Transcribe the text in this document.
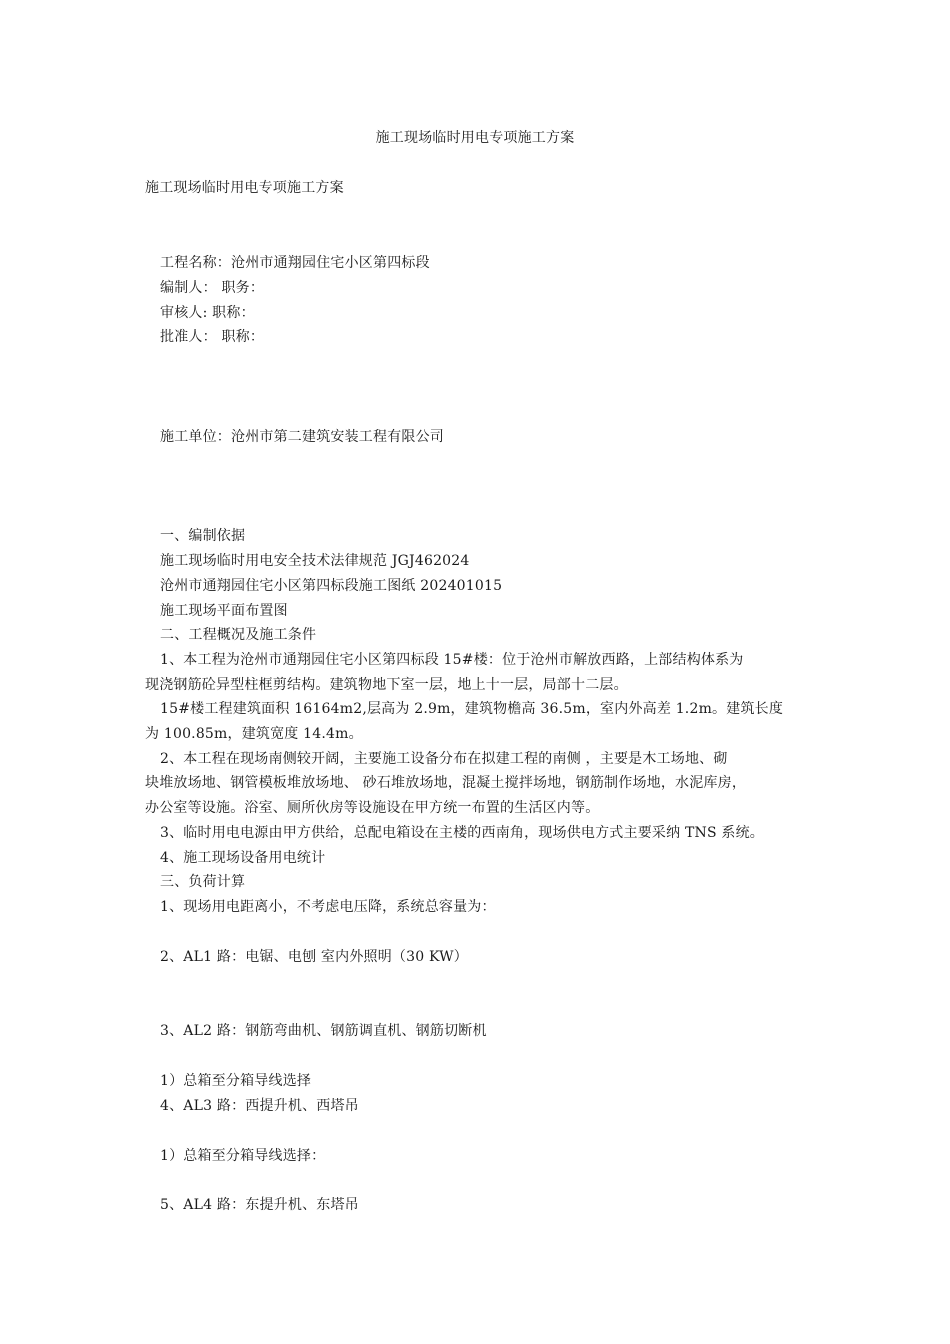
施工现场临时用电专项施工方案
施工现场临时用电专项施工方案
工程名称：沧州市通翔园住宅小区第四标段
编制人： 职务：
审核人: 职称：
批准人： 职称：
施工单位：沧州市第二建筑安装工程有限公司
一、编制依据
施工现场临时用电安全技术法律规范 JGJ462024
沧州市通翔园住宅小区第四标段施工图纸 202401015
施工现场平面布置图
二、工程概况及施工条件
1、本工程为沧州市通翔园住宅小区第四标段 15#楼：位于沧州市解放西路，上部结构体系为
现浇钢筋砼异型柱框剪结构。建筑物地下室一层，地上十一层，局部十二层。
15#楼工程建筑面积 16164m2,层高为 2.9m，建筑物檐高 36.5m，室内外高差 1.2m。建筑长度
为 100.85m，建筑宽度 14.4m。
2、本工程在现场南侧较开阔，主要施工设备分布在拟建工程的南侧 ，主要是木工场地、砌
块堆放场地、钢管模板堆放场地、 砂石堆放场地，混凝土搅拌场地，钢筋制作场地，水泥库房，
办公室等设施。浴室、厕所伙房等设施设在甲方统一布置的生活区内等。
3、临时用电电源由甲方供给，总配电箱设在主楼的西南角，现场供电方式主要采纳 TNS 系统。
4、施工现场设备用电统计
三、负荷计算
1、现场用电距离小，不考虑电压降，系统总容量为：
2、AL1 路：电锯、电刨 室内外照明（30 KW）
3、AL2 路：钢筋弯曲机、钢筋调直机、钢筋切断机
1）总箱至分箱导线选择
4、AL3 路：西提升机、西塔吊
1）总箱至分箱导线选择：
5、AL4 路：东提升机、东塔吊
